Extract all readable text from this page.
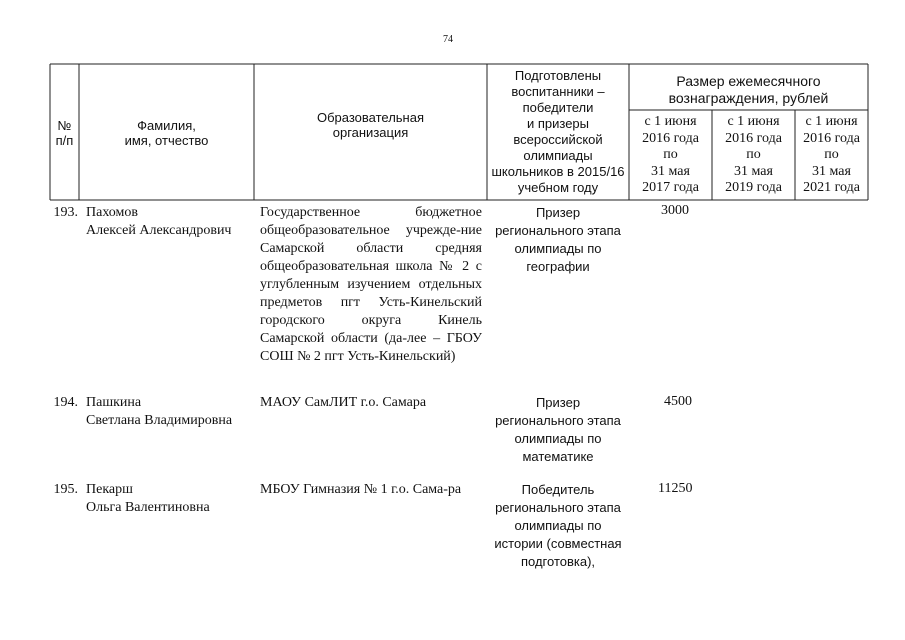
74
№
п/п
Фамилия,
имя, отчество
Образовательная
организация
Подготовлены
воспитанники –
победители
и призеры
всероссийской
олимпиады
школьников в 2015/16
учебном году
Размер ежемесячного
вознаграждения, рублей
с 1 июня
2016 года
по
31 мая
2017 года
с 1 июня
2016 года
по
31 мая
2019 года
с 1 июня
2016 года
по
31 мая
2021 года
193. Пахомов
Алексей Александрович
Государственное бюджетное общеобразовательное учрежде-ние Самарской области средняя общеобразовательная школа № 2 с углубленным изучением отдельных предметов пгт Усть-Кинельский городского округа Кинель Самарской области (да-лее – ГБОУ СОШ № 2 пгт Усть-Кинельский)
Призер
регионального этапа
олимпиады по
географии
3000
194. Пашкина
Светлана Владимировна
МАОУ СамЛИТ г.о. Самара	Призер
регионального этапа
олимпиады по
математике
4500
195. Пекарш
Ольга Валентиновна
МБОУ Гимназия № 1 г.о. Сама-ра	Победитель
регионального этапа
олимпиады по
истории (совместная
подготовка),
11250
